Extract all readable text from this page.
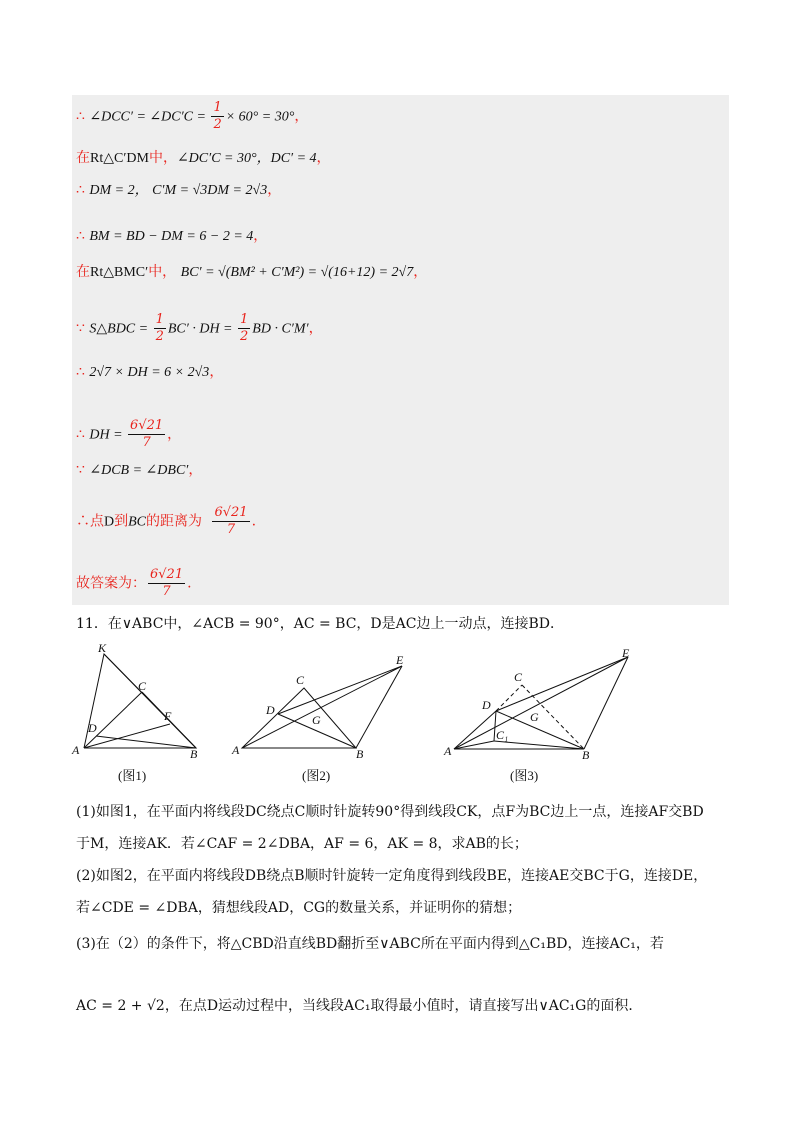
∴ ∠DCC′ = ∠DC′C = $\frac{1}{2} \times 60^\circ = 30^\circ$，
在Rt△C′DM中，∠DC′C = 30°，DC′ = 4，
∴ DM = 2， C′M = √3DM = 2√3，
∴ BM = BD − DM = 6 − 2 = 4，
在Rt△BMC′中， BC′ = √(BM² + C′M²) = √(16+12) = 2√7，
∵ S△BDC = $\frac{1}{2} BC'$ · DH = $\frac{1}{2}$ BD · C′M′，
∴ 2√7 × DH = 6 × 2√3，
∴ DH = $\frac{6√21}{7}$ ，
∵ ∠DCB = ∠DBC′，
∴点D到BC的距离为 $\frac{6√21}{7}$ .
故答案为： $\frac{6√21}{7}$ .
11．在∨ABC中，∠ACB = 90°，AC = BC，D是AC边上一动点，连接BD．
K
C
D
F
A	B
(图1)
C
E
D
G
A	B
(图2)
C
E
D
G
C₁
A	B
(图3)
(1)如图1，在平面内将线段DC绕点C顺时针旋转90°得到线段CK，点F为BC边上一点，连接AF交BD
于M，连接AK．若∠CAF = 2∠DBA，AF = 6，AK = 8，求AB的长；
(2)如图2，在平面内将线段DB绕点B顺时针旋转一定角度得到线段BE，连接AE交BC于G，连接DE，
若∠CDE = ∠DBA，猜想线段AD，CG的数量关系，并证明你的猜想；
(3)在（2）的条件下，将△CBD沿直线BD翻折至∨ABC所在平面内得到△C₁BD，连接AC₁，若
AC = 2 + √2，在点D运动过程中，当线段AC₁取得最小值时，请直接写出∨AC₁G的面积．
